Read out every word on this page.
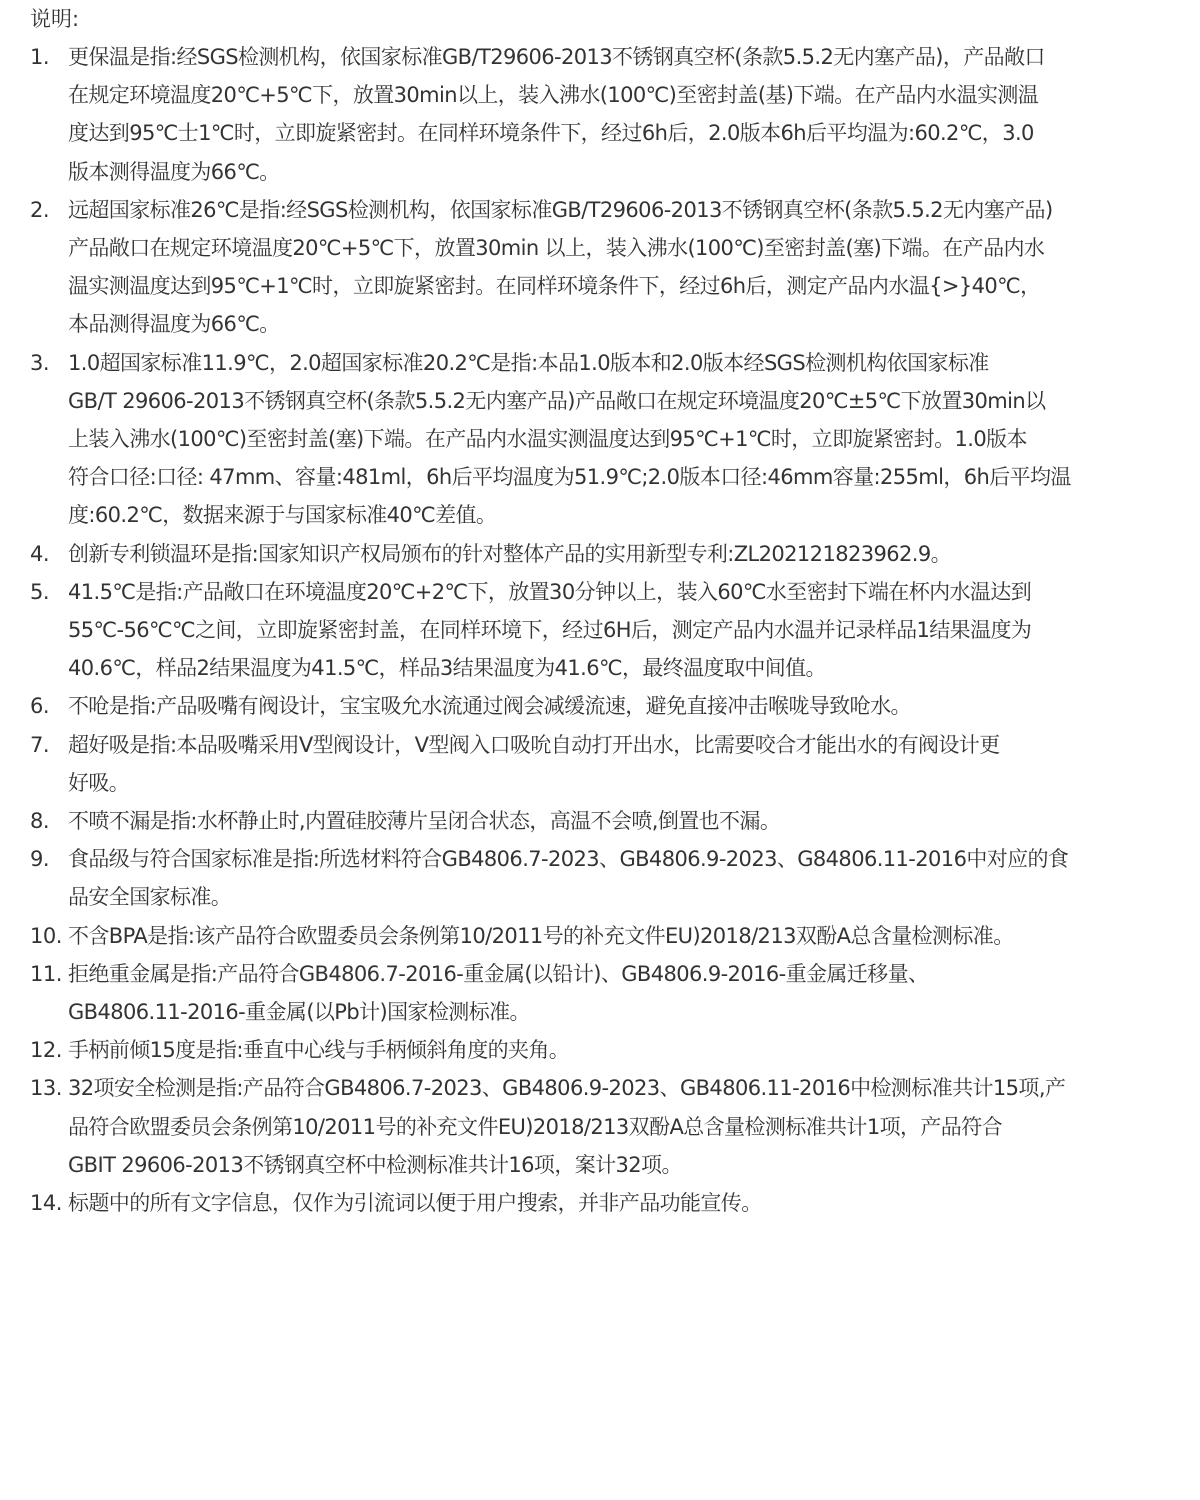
说明:
1. 更保温是指:经SGS检测机构，依国家标准GB/T29606-2013不锈钢真空杯(条款5.5.2无内塞产品)，产品敞口
在规定环境温度20℃+5℃下，放置30min以上，装入沸水(100℃)至密封盖(基)下端。在产品内水温实测温
度达到95℃士1℃时，立即旋紧密封。在同样环境条件下，经过6h后，2.0版本6h后平均温为:60.2℃，3.0
版本测得温度为66℃。
2. 远超国家标准26℃是指:经SGS检测机构，依国家标准GB/T29606-2013不锈钢真空杯(条款5.5.2无内塞产品)
产品敞口在规定环境温度20℃+5℃下，放置30min 以上，装入沸水(100℃)至密封盖(塞)下端。在产品内水
温实测温度达到95℃+1℃时，立即旋紧密封。在同样环境条件下，经过6h后，测定产品内水温{>}40℃，
本品测得温度为66℃。
3. 1.0超国家标准11.9℃，2.0超国家标准20.2℃是指:本品1.0版本和2.0版本经SGS检测机构依国家标准
GB/T 29606-2013不锈钢真空杯(条款5.5.2无内塞产品)产品敞口在规定环境温度20℃±5℃下放置30min以
上装入沸水(100℃)至密封盖(塞)下端。在产品内水温实测温度达到95℃+1℃时，立即旋紧密封。1.0版本
符合口径:口径: 47mm、容量:481ml，6h后平均温度为51.9℃;2.0版本口径:46mm容量:255ml，6h后平均温
度:60.2℃，数据来源于与国家标准40℃差值。
4. 创新专利锁温环是指:国家知识产权局颁布的针对整体产品的实用新型专利:ZL202121823962.9。
5. 41.5℃是指:产品敞口在环境温度20℃+2℃下，放置30分钟以上，装入60℃水至密封下端在杯内水温达到
55℃-56℃℃之间，立即旋紧密封盖，在同样环境下，经过6H后，测定产品内水温并记录样品1结果温度为
40.6℃，样品2结果温度为41.5℃，样品3结果温度为41.6℃，最终温度取中间值。
6. 不呛是指:产品吸嘴有阀设计，宝宝吸允水流通过阀会减缓流速，避免直接冲击喉咙导致呛水。
7. 超好吸是指:本品吸嘴采用V型阀设计，V型阀入口吸吮自动打开出水，比需要咬合才能出水的有阀设计更
好吸。
8. 不喷不漏是指:水杯静止时,内置硅胶薄片呈闭合状态，高温不会喷,倒置也不漏。
9. 食品级与符合国家标准是指:所选材料符合GB4806.7-2023、GB4806.9-2023、G84806.11-2016中对应的食
品安全国家标准。
10. 不含BPA是指:该产品符合欧盟委员会条例第10/2011号的补充文件EU)2018/213双酚A总含量检测标准。
11. 拒绝重金属是指:产品符合GB4806.7-2016-重金属(以铅计)、GB4806.9-2016-重金属迁移量、
GB4806.11-2016-重金属(以Pb计)国家检测标准。
12. 手柄前倾15度是指:垂直中心线与手柄倾斜角度的夹角。
13. 32项安全检测是指:产品符合GB4806.7-2023、GB4806.9-2023、GB4806.11-2016中检测标准共计15项,产
品符合欧盟委员会条例第10/2011号的补充文件EU)2018/213双酚A总含量检测标准共计1项，产品符合
GBIT 29606-2013不锈钢真空杯中检测标准共计16项，案计32项。
14. 标题中的所有文字信息，仅作为引流词以便于用户搜索，并非产品功能宣传。
